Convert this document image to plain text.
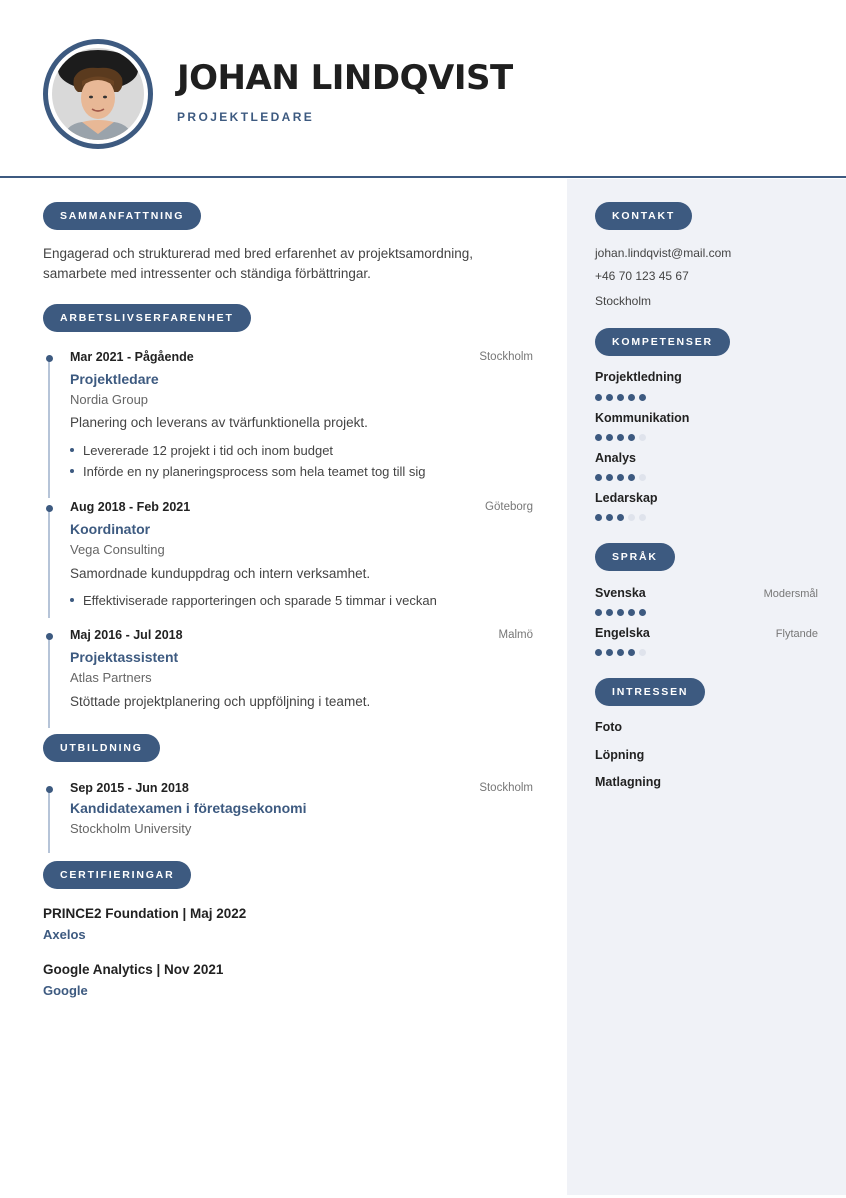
JOHAN LINDQVIST
PROJEKTLEDARE
SAMMANFATTNING
Engagerad och strukturerad med bred erfarenhet av projektsamordning,
samarbete med intressenter och ständiga förbättringar.
ARBETSLIVSERFARENHET
Mar 2021 - Pågående	Stockholm
Projektledare
Nordia Group
Planering och leverans av tvärfunktionella projekt.
Levererade 12 projekt i tid och inom budget
Införde en ny planeringsprocess som hela teamet tog till sig
Aug 2018 - Feb 2021	Göteborg
Koordinator
Vega Consulting
Samordnade kunduppdrag och intern verksamhet.
Effektiviserade rapporteringen och sparade 5 timmar i veckan
Maj 2016 - Jul 2018	Malmö
Projektassistent
Atlas Partners
Stöttade projektplanering och uppföljning i teamet.
UTBILDNING
Sep 2015 - Jun 2018	Stockholm
Kandidatexamen i företagsekonomi
Stockholm University
CERTIFIERINGAR
PRINCE2 Foundation | Maj 2022
Axelos
Google Analytics | Nov 2021
Google
KONTAKT
johan.lindqvist@mail.com
+46 70 123 45 67
Stockholm
KOMPETENSER
Projektledning
Kommunikation
Analys
Ledarskap
SPRÅK
Svenska	Modersmål
Engelska	Flytande
INTRESSEN
Foto
Löpning
Matlagning
